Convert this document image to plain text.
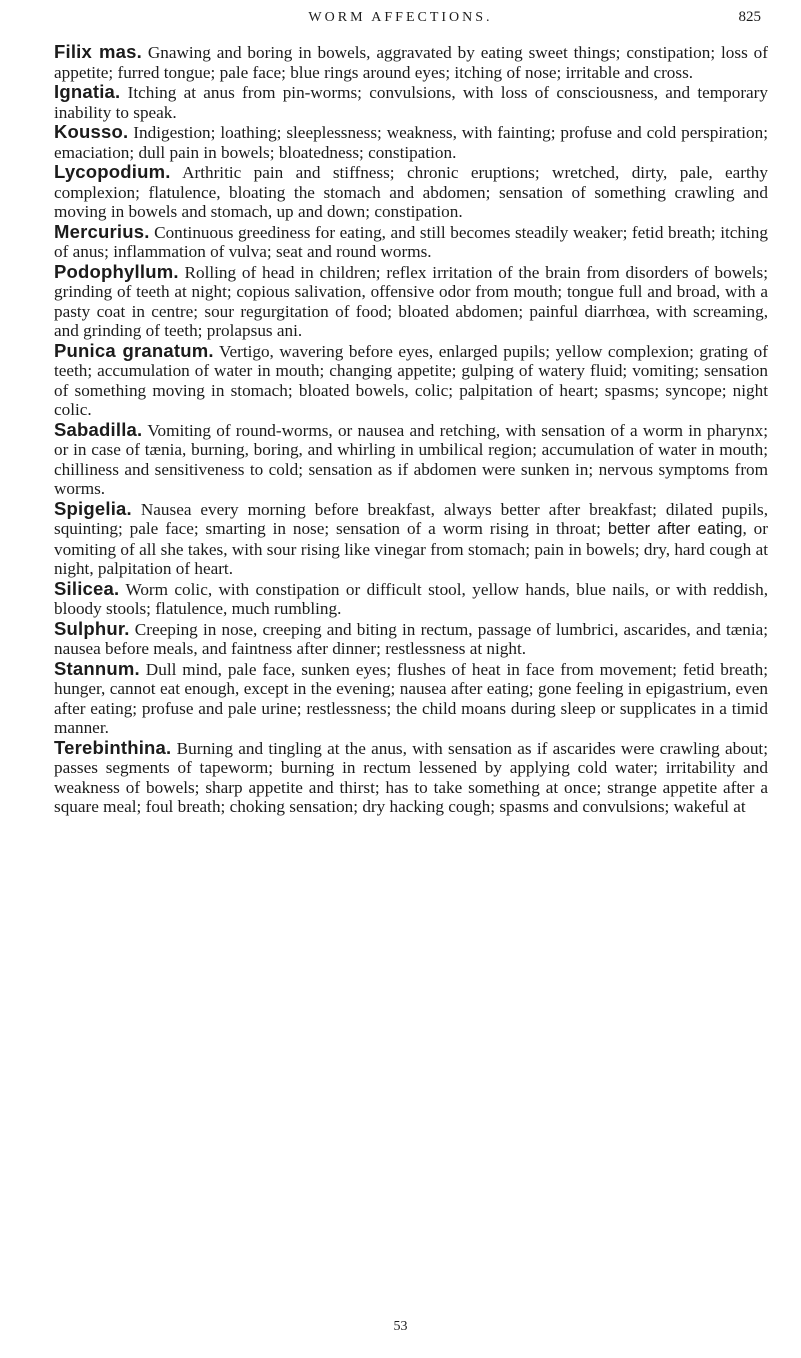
WORM AFFECTIONS.	825

Filix mas. Gnawing and boring in bowels, aggravated by eating sweet things; constipation; loss of appetite; furred tongue; pale face; blue rings around eyes; itching of nose; irritable and cross.

Ignatia. Itching at anus from pin-worms; convulsions, with loss of consciousness, and temporary inability to speak.

Kousso. Indigestion; loathing; sleeplessness; weakness, with fainting; profuse and cold perspiration; emaciation; dull pain in bowels; bloatedness; constipation.

Lycopodium. Arthritic pain and stiffness; chronic eruptions; wretched, dirty, pale, earthy complexion; flatulence, bloating the stomach and abdomen; sensation of something crawling and moving in bowels and stomach, up and down; constipation.

Mercurius. Continuous greediness for eating, and still becomes steadily weaker; fetid breath; itching of anus; inflammation of vulva; seat and round worms.

Podophyllum. Rolling of head in children; reflex irritation of the brain from disorders of bowels; grinding of teeth at night; copious salivation, offensive odor from mouth; tongue full and broad, with a pasty coat in centre; sour regurgitation of food; bloated abdomen; painful diarrhœa, with screaming, and grinding of teeth; prolapsus ani.

Punica granatum. Vertigo, wavering before eyes, enlarged pupils; yellow complexion; grating of teeth; accumulation of water in mouth; changing appetite; gulping of watery fluid; vomiting; sensation of something moving in stomach; bloated bowels, colic; palpitation of heart; spasms; syncope; night colic.

Sabadilla. Vomiting of round-worms, or nausea and retching, with sensation of a worm in pharynx; or in case of tænia, burning, boring, and whirling in umbilical region; accumulation of water in mouth; chilliness and sensitiveness to cold; sensation as if abdomen were sunken in; nervous symptoms from worms.

Spigelia. Nausea every morning before breakfast, always better after breakfast; dilated pupils, squinting; pale face; smarting in nose; sensation of a worm rising in throat; better after eating, or vomiting of all she takes, with sour rising like vinegar from stomach; pain in bowels; dry, hard cough at night, palpitation of heart.

Silicea. Worm colic, with constipation or difficult stool, yellow hands, blue nails, or with reddish, bloody stools; flatulence, much rumbling.

Sulphur. Creeping in nose, creeping and biting in rectum, passage of lumbrici, ascarides, and tænia; nausea before meals, and faintness after dinner; restlessness at night.

Stannum. Dull mind, pale face, sunken eyes; flushes of heat in face from movement; fetid breath; hunger, cannot eat enough, except in the evening; nausea after eating; gone feeling in epigastrium, even after eating; profuse and pale urine; restlessness; the child moans during sleep or supplicates in a timid manner.

Terebinthina. Burning and tingling at the anus, with sensation as if ascarides were crawling about; passes segments of tapeworm; burning in rectum lessened by applying cold water; irritability and weakness of bowels; sharp appetite and thirst; has to take something at once; strange appetite after a square meal; foul breath; choking sensation; dry hacking cough; spasms and convulsions; wakeful at

53
